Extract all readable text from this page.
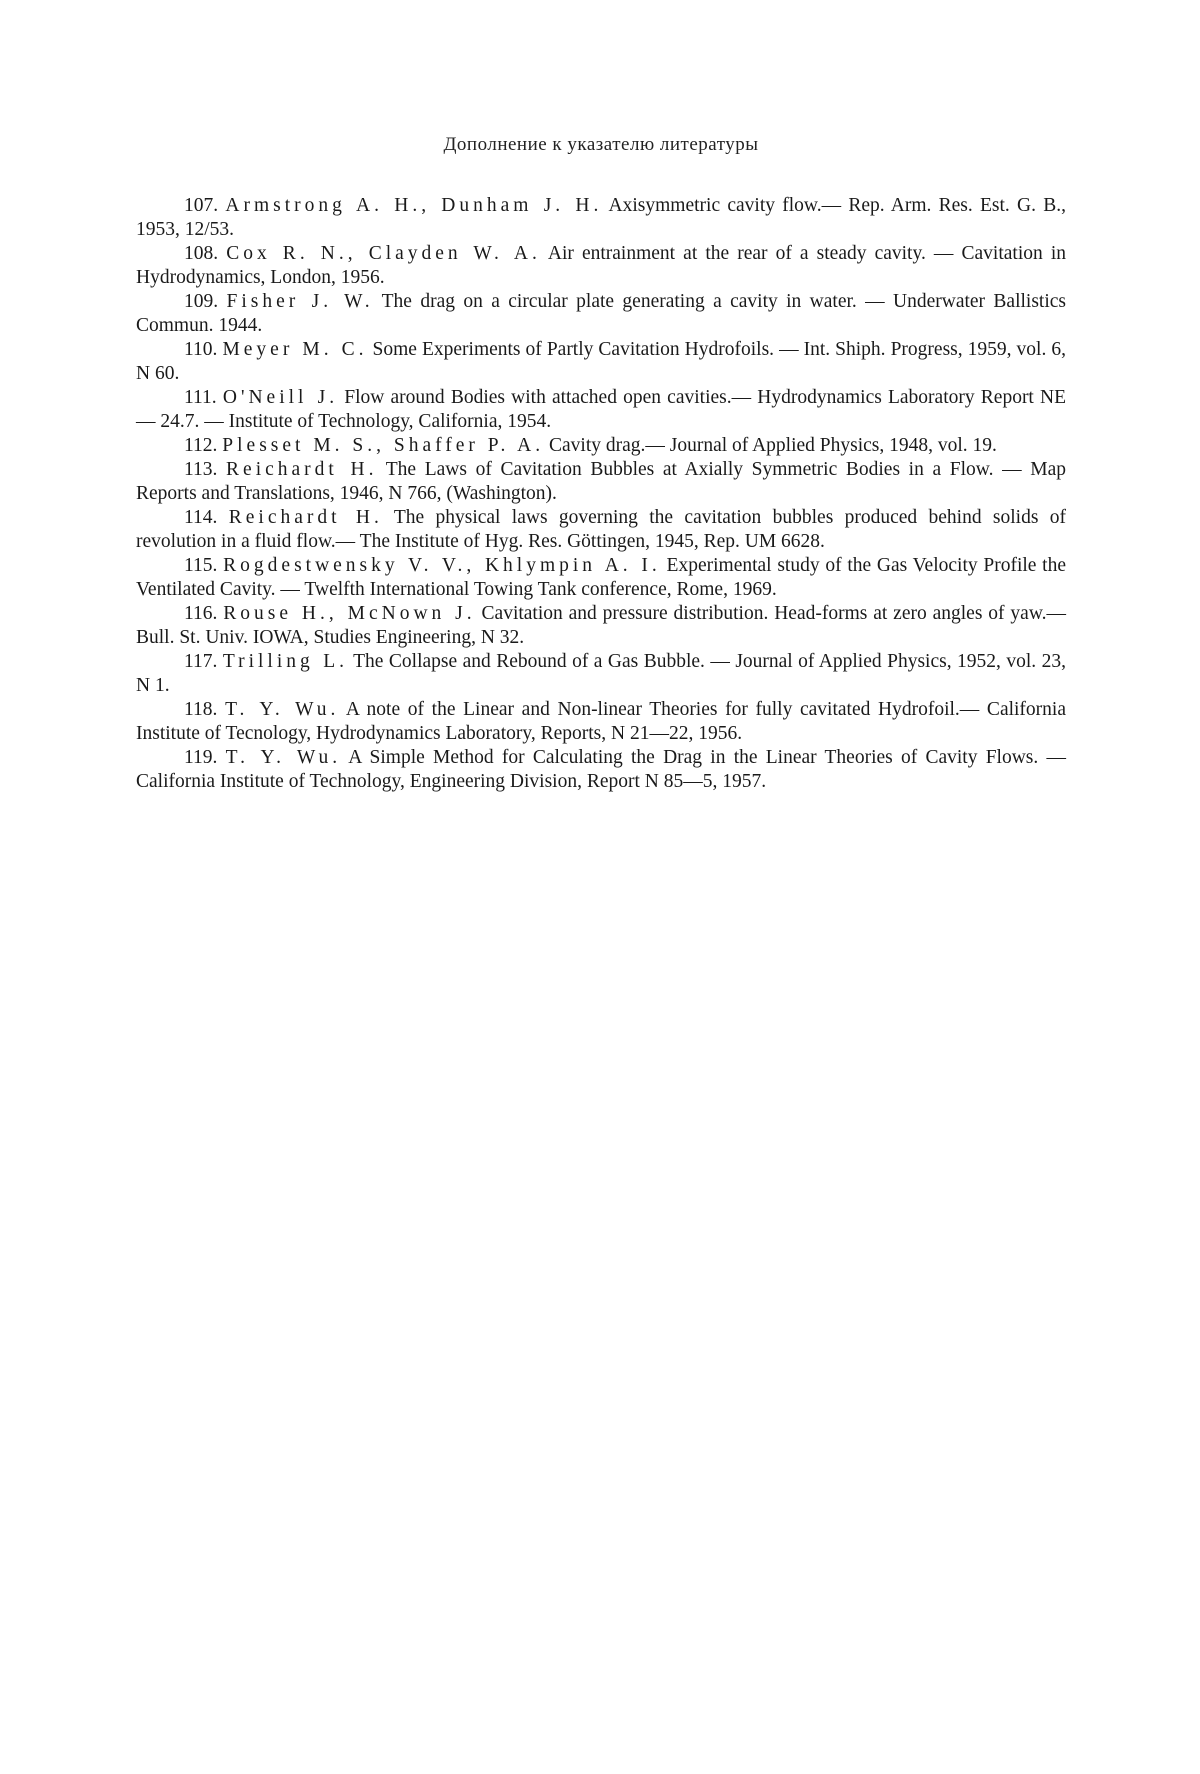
Дополнение к указателю литературы
107. Armstrong A. H., Dunham J. H. Axisymmetric cavity flow.— Rep. Arm. Res. Est. G. B., 1953, 12/53.
108. Cox R. N., Clayden W. A. Air entrainment at the rear of a steady cavity. — Cavitation in Hydrodynamics, London, 1956.
109. Fisher J. W. The drag on a circular plate generating a cavity in water. — Underwater Ballistics Commun. 1944.
110. Meyer M. C. Some Experiments of Partly Cavitation Hydrofoils. — Int. Shiph. Progress, 1959, vol. 6, N 60.
111. O'Neill J. Flow around Bodies with attached open cavities.— Hydrodynamics Laboratory Report NE — 24.7. — Institute of Technology, California, 1954.
112. Plesset M. S., Shaffer P. A. Cavity drag.— Journal of Applied Physics, 1948, vol. 19.
113. Reichardt H. The Laws of Cavitation Bubbles at Axially Symmetric Bodies in a Flow. — Map Reports and Translations, 1946, N 766, (Washington).
114. Reichardt H. The physical laws governing the cavitation bubbles produced behind solids of revolution in a fluid flow.— The Institute of Hyg. Res. Göttingen, 1945, Rep. UM 6628.
115. Rogdestwensky V. V., Khlympin A. I. Experimental study of the Gas Velocity Profile the Ventilated Cavity. — Twelfth International Towing Tank conference, Rome, 1969.
116. Rouse H., McNown J. Cavitation and pressure distribution. Head-forms at zero angles of yaw.— Bull. St. Univ. IOWA, Studies Engineering, N 32.
117. Trilling L. The Collapse and Rebound of a Gas Bubble. — Journal of Applied Physics, 1952, vol. 23, N 1.
118. T. Y. Wu. A note of the Linear and Non-linear Theories for fully cavitated Hydrofoil.— California Institute of Tecnology, Hydrodynamics Laboratory, Reports, N 21—22, 1956.
119. T. Y. Wu. A Simple Method for Calculating the Drag in the Linear Theories of Cavity Flows. — California Institute of Technology, Engineering Division, Report N 85—5, 1957.
